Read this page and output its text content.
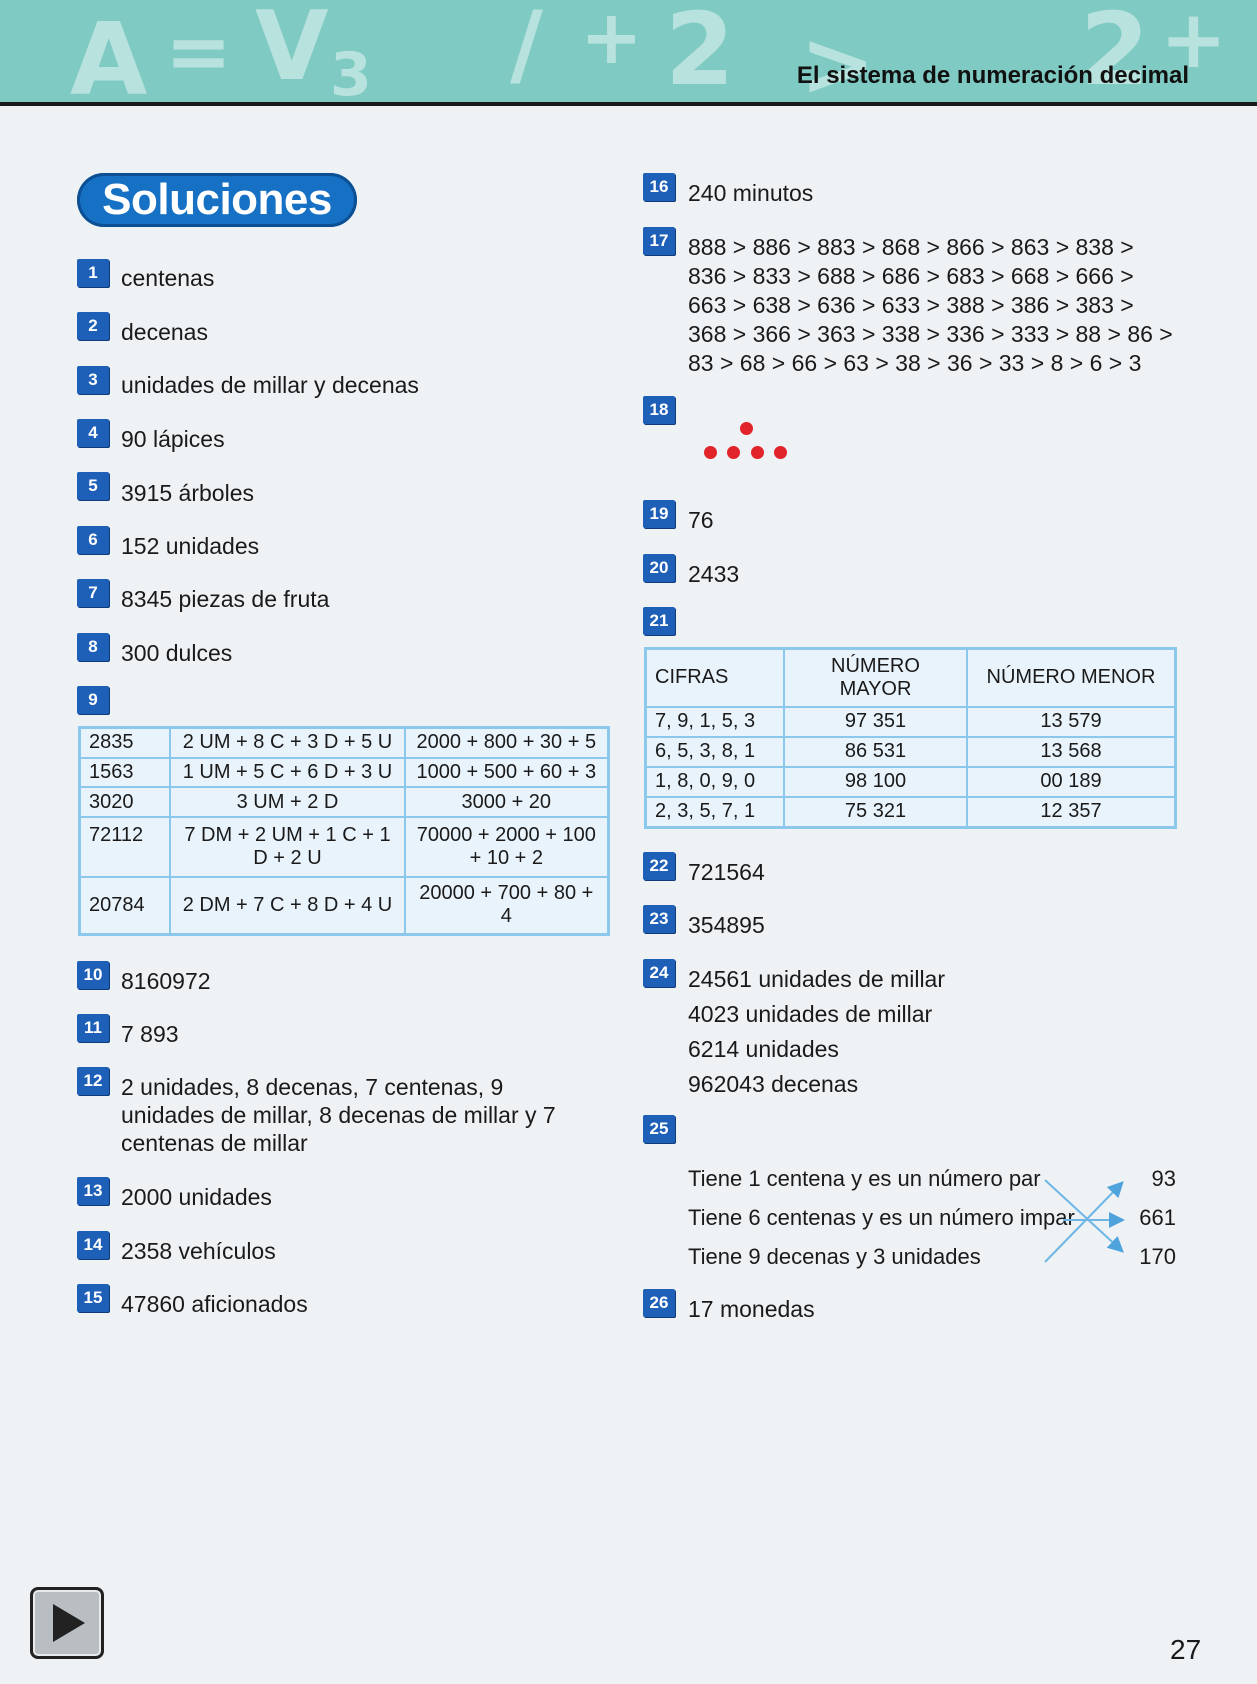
A = V 3 / + 2 > 2 +
El sistema de numeración decimal
Soluciones
1	centenas
2	decenas
3	unidades de millar y decenas
4	90 lápices
5	3915 árboles
6	152 unidades
7	8345 piezas de fruta
8	300 dulces
9
2835	2 UM + 8 C + 3 D + 5 U	2000 + 800 + 30 + 5
1563	1 UM + 5 C + 6 D + 3 U	1000 + 500 + 60 + 3
3020	3 UM + 2 D	3000 + 20
72112	7 DM + 2 UM + 1 C + 1 D + 2 U	70000 + 2000 + 100 + 10 + 2
20784	2 DM + 7 C + 8 D + 4 U	20000 + 700 + 80 + 4
10 8160972
11 7 893
12 2 unidades, 8 decenas, 7 centenas, 9 unidades de millar, 8 decenas de millar y 7 centenas de millar
13 2000 unidades
14 2358 vehículos
15 47860 aficionados
16 240 minutos
17 888 > 886 > 883 > 868 > 866 > 863 > 838 >
836 > 833 > 688 > 686 > 683 > 668 > 666 >
663 > 638 > 636 > 633 > 388 > 386 > 383 >
368 > 366 > 363 > 338 > 336 > 333 > 88 > 86 >
83 > 68 > 66 > 63 > 38 > 36 > 33 > 8 > 6 > 3
18
19 76
20 2433
21
CIFRAS	NÚMERO MAYOR	NÚMERO MENOR
7, 9, 1, 5, 3	97 351	13 579
6, 5, 3, 8, 1	86 531	13 568
1, 8, 0, 9, 0	98 100	00 189
2, 3, 5, 7, 1	75 321	12 357
22 721564
23 354895
24 24561 unidades de millar
4023 unidades de millar
6214 unidades
962043 decenas
25
Tiene 1 centena y es un número par
Tiene 6 centenas y es un número impar
Tiene 9 decenas y 3 unidades
93
661
170
26 17 monedas
27
